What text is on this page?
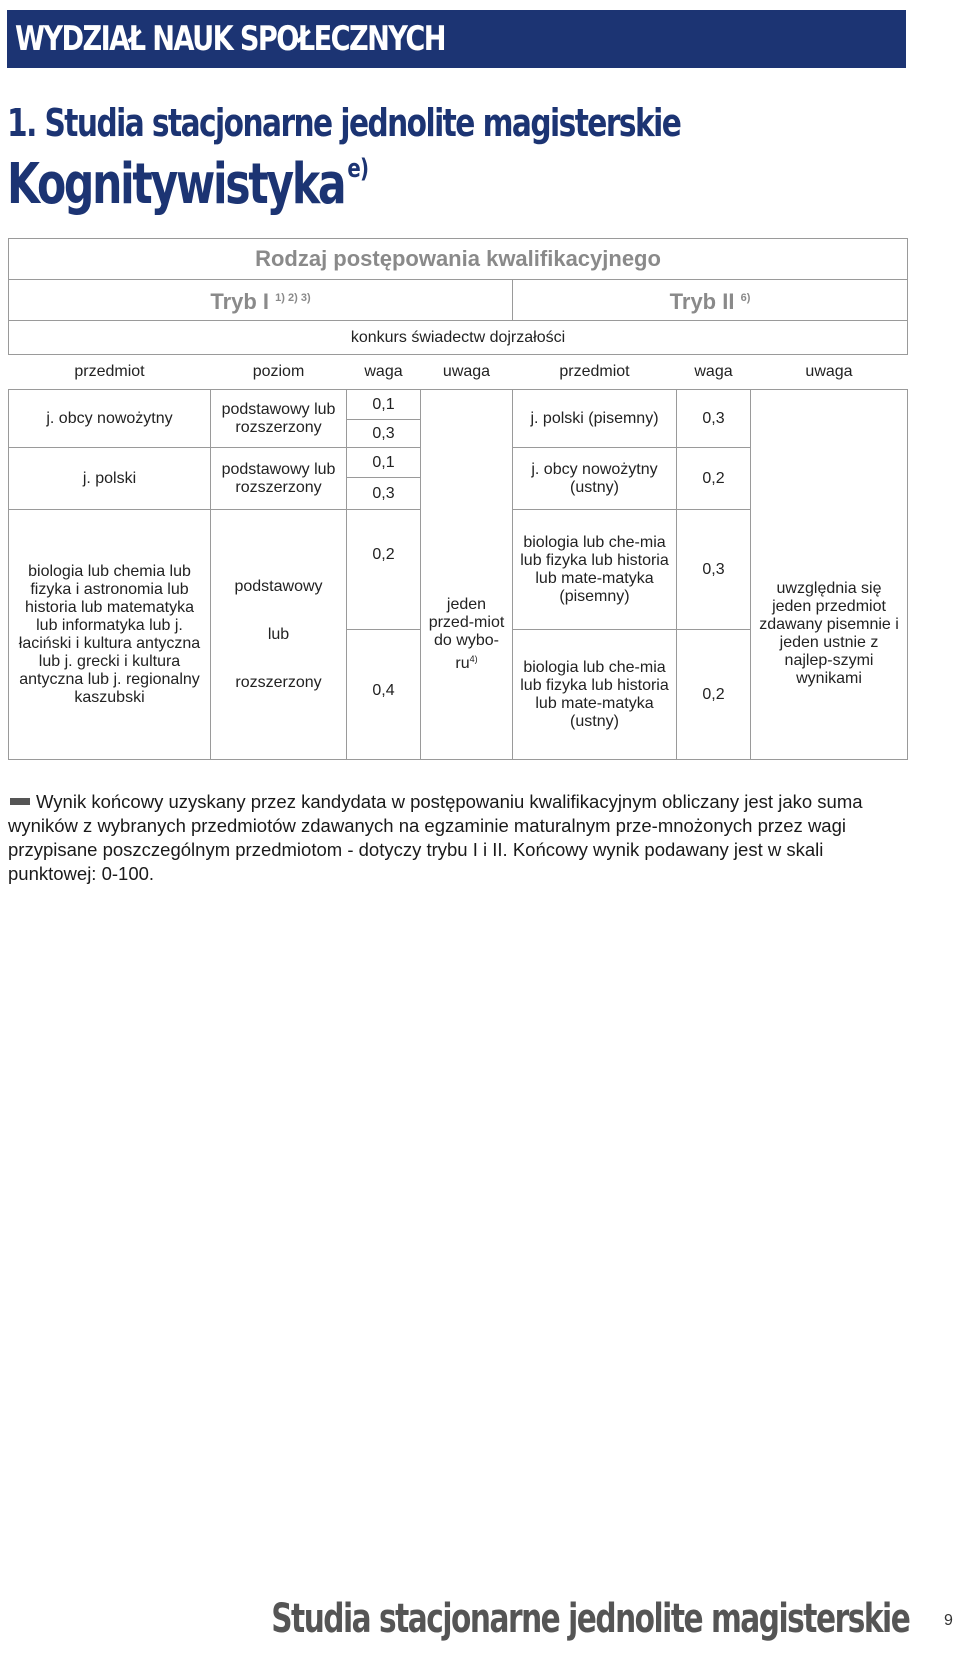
WYDZIAŁ NAUK SPOŁECZNYCH
1. Studia stacjonarne jednolite magisterskie
Kognitywistyka $^{e)}$
Rodzaj postępowania kwalifikacyjnego						
Tryb I $^{1) 2) 3)}$				Tryb II $^{6)}$
konkurs świadectw dojrzałości						
przedmiot	poziom	waga	uwaga	przedmiot	waga	uwaga
j. obcy nowożytny	podstawowy lub rozszerzony	0,1		j. polski (pisemny)	0,3	
		0,3				
j. polski	podstawowy lub rozszerzony	0,1		j. obcy nowożytny (ustny)	0,2	
		0,3				
biologia lub chemia lub fizyka i astronomia lub historia lub matematyka lub informatyka lub j. łaciński i kultura antyczna lub j. grecki i kultura antyczna lub j. regionalny kaszubski	podstawowy
lub
rozszerzony	0,2	jeden przed-miot do wybo-$ru^{4)}$	biologia lub che-mia lub fizyka lub historia lub mate-matyka (pisemny)	0,3	uwzględnia się jeden przedmiot zdawany pisemnie i jeden ustnie z najlep-szymi wynikami
		0,4		biologia lub che-mia lub fizyka lub historia lub mate-matyka (ustny)	0,2	
Wynik końcowy uzyskany przez kandydata w postępowaniu kwalifikacyjnym obliczany jest jako suma wyników z wybranych przedmiotów zdawanych na egzaminie maturalnym prze-mnożonych przez wagi przypisane poszczególnym przedmiotom - dotyczy trybu I i II. Końcowy wynik podawany jest w skali punktowej: 0-100.
Studia stacjonarne jednolite magisterskie 9
